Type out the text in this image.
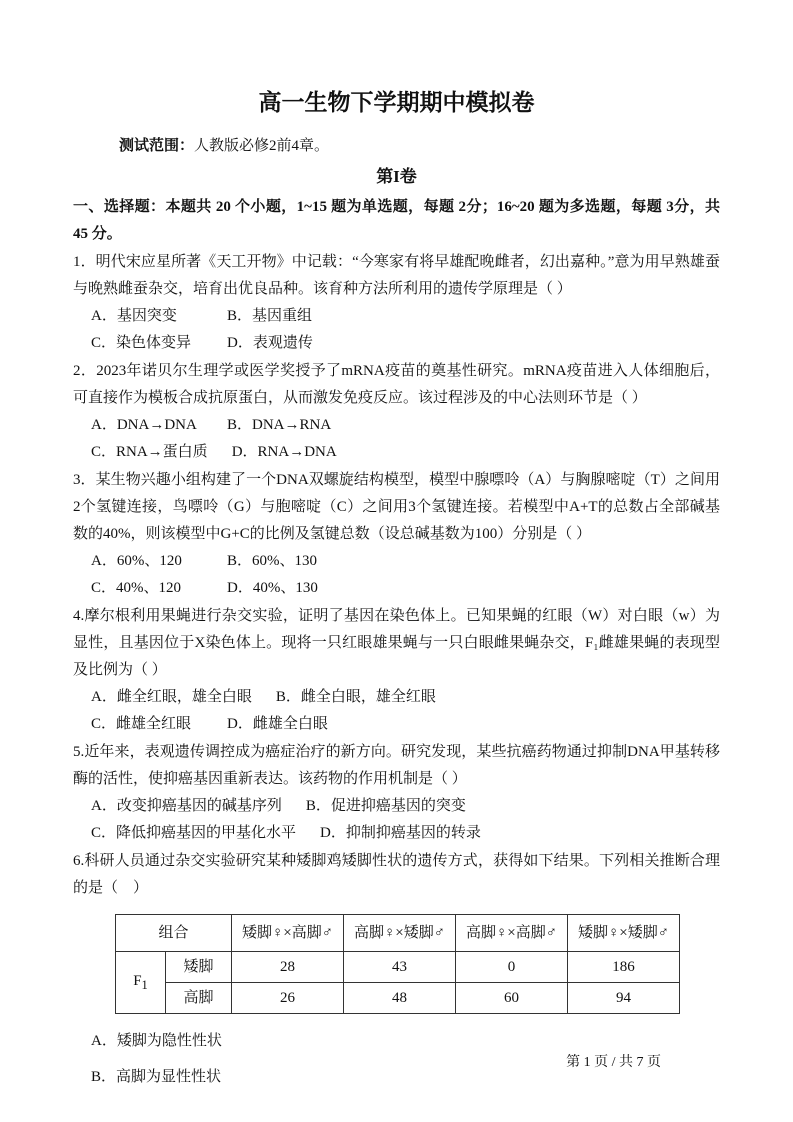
高一生物下学期期中模拟卷
测试范围：人教版必修2前4章。
第I卷
一、选择题：本题共 20 个小题，1~15 题为单选题，每题 2分；16~20 题为多选题，每题 3分，共 45 分。
1．明代宋应星所著《天工开物》中记载：“今寒家有将早雄配晚雌者，幻出嘉种。”意为用早熟雄蚕与晚熟雌蚕杂交，培育出优良品种。该育种方法所利用的遗传学原理是（ ）
A．基因突变	B．基因重组
C．染色体变异	D．表观遗传
2．2023年诺贝尔生理学或医学奖授予了mRNA疫苗的奠基性研究。mRNA疫苗进入人体细胞后，可直接作为模板合成抗原蛋白，从而激发免疫反应。该过程涉及的中心法则环节是（ ）
A．DNA→DNA	B．DNA→RNA
C．RNA→蛋白质 D．RNA→DNA
3．某生物兴趣小组构建了一个DNA双螺旋结构模型，模型中腺嘌呤（A）与胸腺嘧啶（T）之间用2个氢键连接，鸟嘌呤（G）与胞嘧啶（C）之间用3个氢键连接。若模型中A+T的总数占全部碱基数的40%，则该模型中G+C的比例及氢键总数（设总碱基数为100）分别是（ ）
A．60%、120	B．60%、130
C．40%、120	D．40%、130
4.摩尔根利用果蝇进行杂交实验，证明了基因在染色体上。已知果蝇的红眼（W）对白眼（w）为显性，且基因位于X染色体上。现将一只红眼雄果蝇与一只白眼雌果蝇杂交，F₁雌雄果蝇的表现型及比例为（ ）
A．雌全红眼，雄全白眼 B．雌全白眼，雄全红眼
C．雌雄全红眼	D．雌雄全白眼
5.近年来，表观遗传调控成为癌症治疗的新方向。研究发现，某些抗癌药物通过抑制DNA甲基转移酶的活性，使抑癌基因重新表达。该药物的作用机制是（ ）
A．改变抑癌基因的碱基序列 B．促进抑癌基因的突变
C．降低抑癌基因的甲基化水平 D．抑制抑癌基因的转录
6.科研人员通过杂交实验研究某种矮脚鸡矮脚性状的遗传方式，获得如下结果。下列相关推断合理的是（　）
组合		矮脚♀×高脚♂	高脚♀×矮脚♂	高脚♀×高脚♂	矮脚♀×矮脚♂
$F_1$	矮脚	28	43	0	186
	高脚	26	48	60	94
A．矮脚为隐性性状
B．高脚为显性性状
第 1 页 / 共 7 页
